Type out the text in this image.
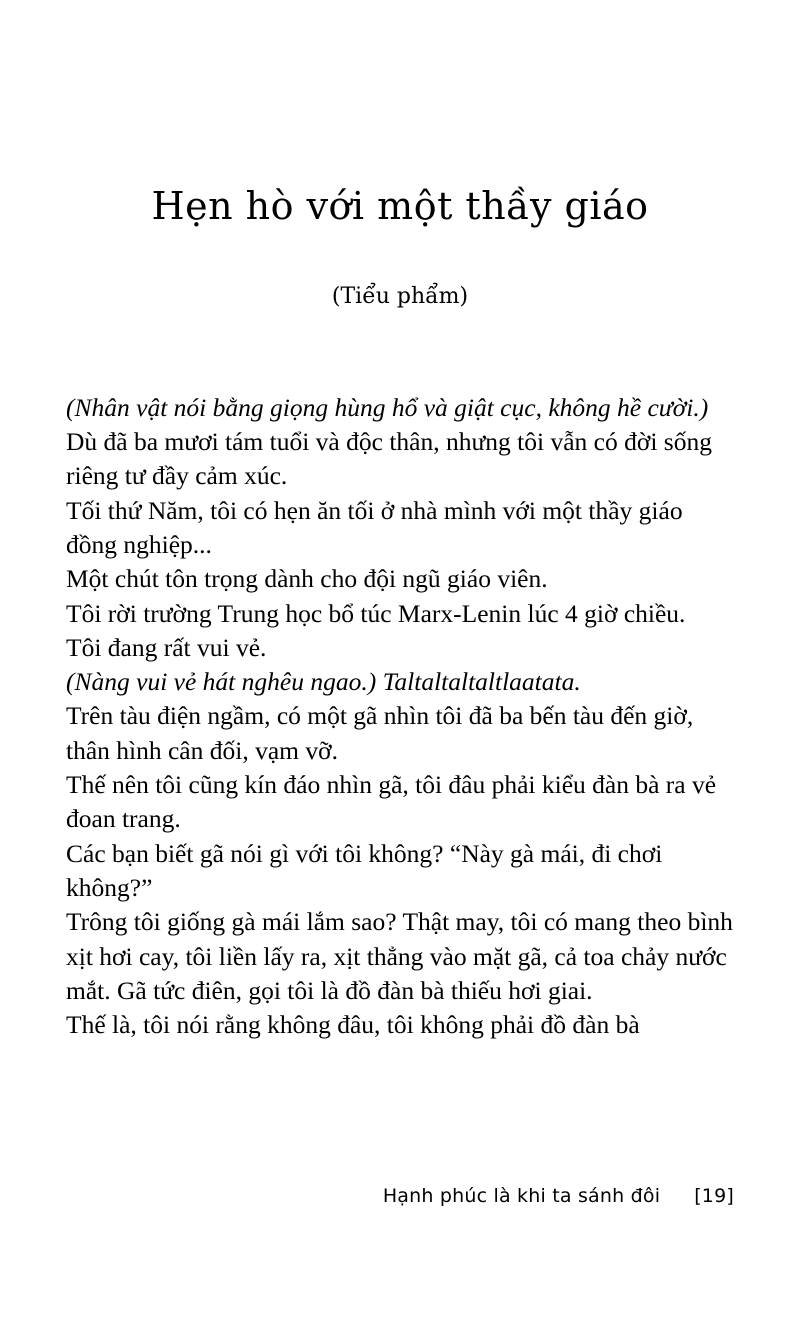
Hẹn hò với một thầy giáo
(Tiểu phẩm)

(Nhân vật nói bằng giọng hùng hổ và giật cục, không hề cười.) Dù đã ba mươi tám tuổi và độc thân, nhưng tôi vẫn có đời sống riêng tư đầy cảm xúc.

Tối thứ Năm, tôi có hẹn ăn tối ở nhà mình với một thầy giáo đồng nghiệp...

Một chút tôn trọng dành cho đội ngũ giáo viên.

Tôi rời trường Trung học bổ túc Marx-Lenin lúc 4 giờ chiều.

Tôi đang rất vui vẻ.

(Nàng vui vẻ hát nghêu ngao.) Taltaltaltaltlaatata.

Trên tàu điện ngầm, có một gã nhìn tôi đã ba bến tàu đến giờ, thân hình cân đối, vạm vỡ.

Thế nên tôi cũng kín đáo nhìn gã, tôi đâu phải kiểu đàn bà ra vẻ đoan trang.

Các bạn biết gã nói gì với tôi không? “Này gà mái, đi chơi không?”

Trông tôi giống gà mái lắm sao? Thật may, tôi có mang theo bình xịt hơi cay, tôi liền lấy ra, xịt thẳng vào mặt gã, cả toa chảy nước mắt. Gã tức điên, gọi tôi là đồ đàn bà thiếu hơi giai.

Thế là, tôi nói rằng không đâu, tôi không phải đồ đàn bà

Hạnh phúc là khi ta sánh đôi [19]
